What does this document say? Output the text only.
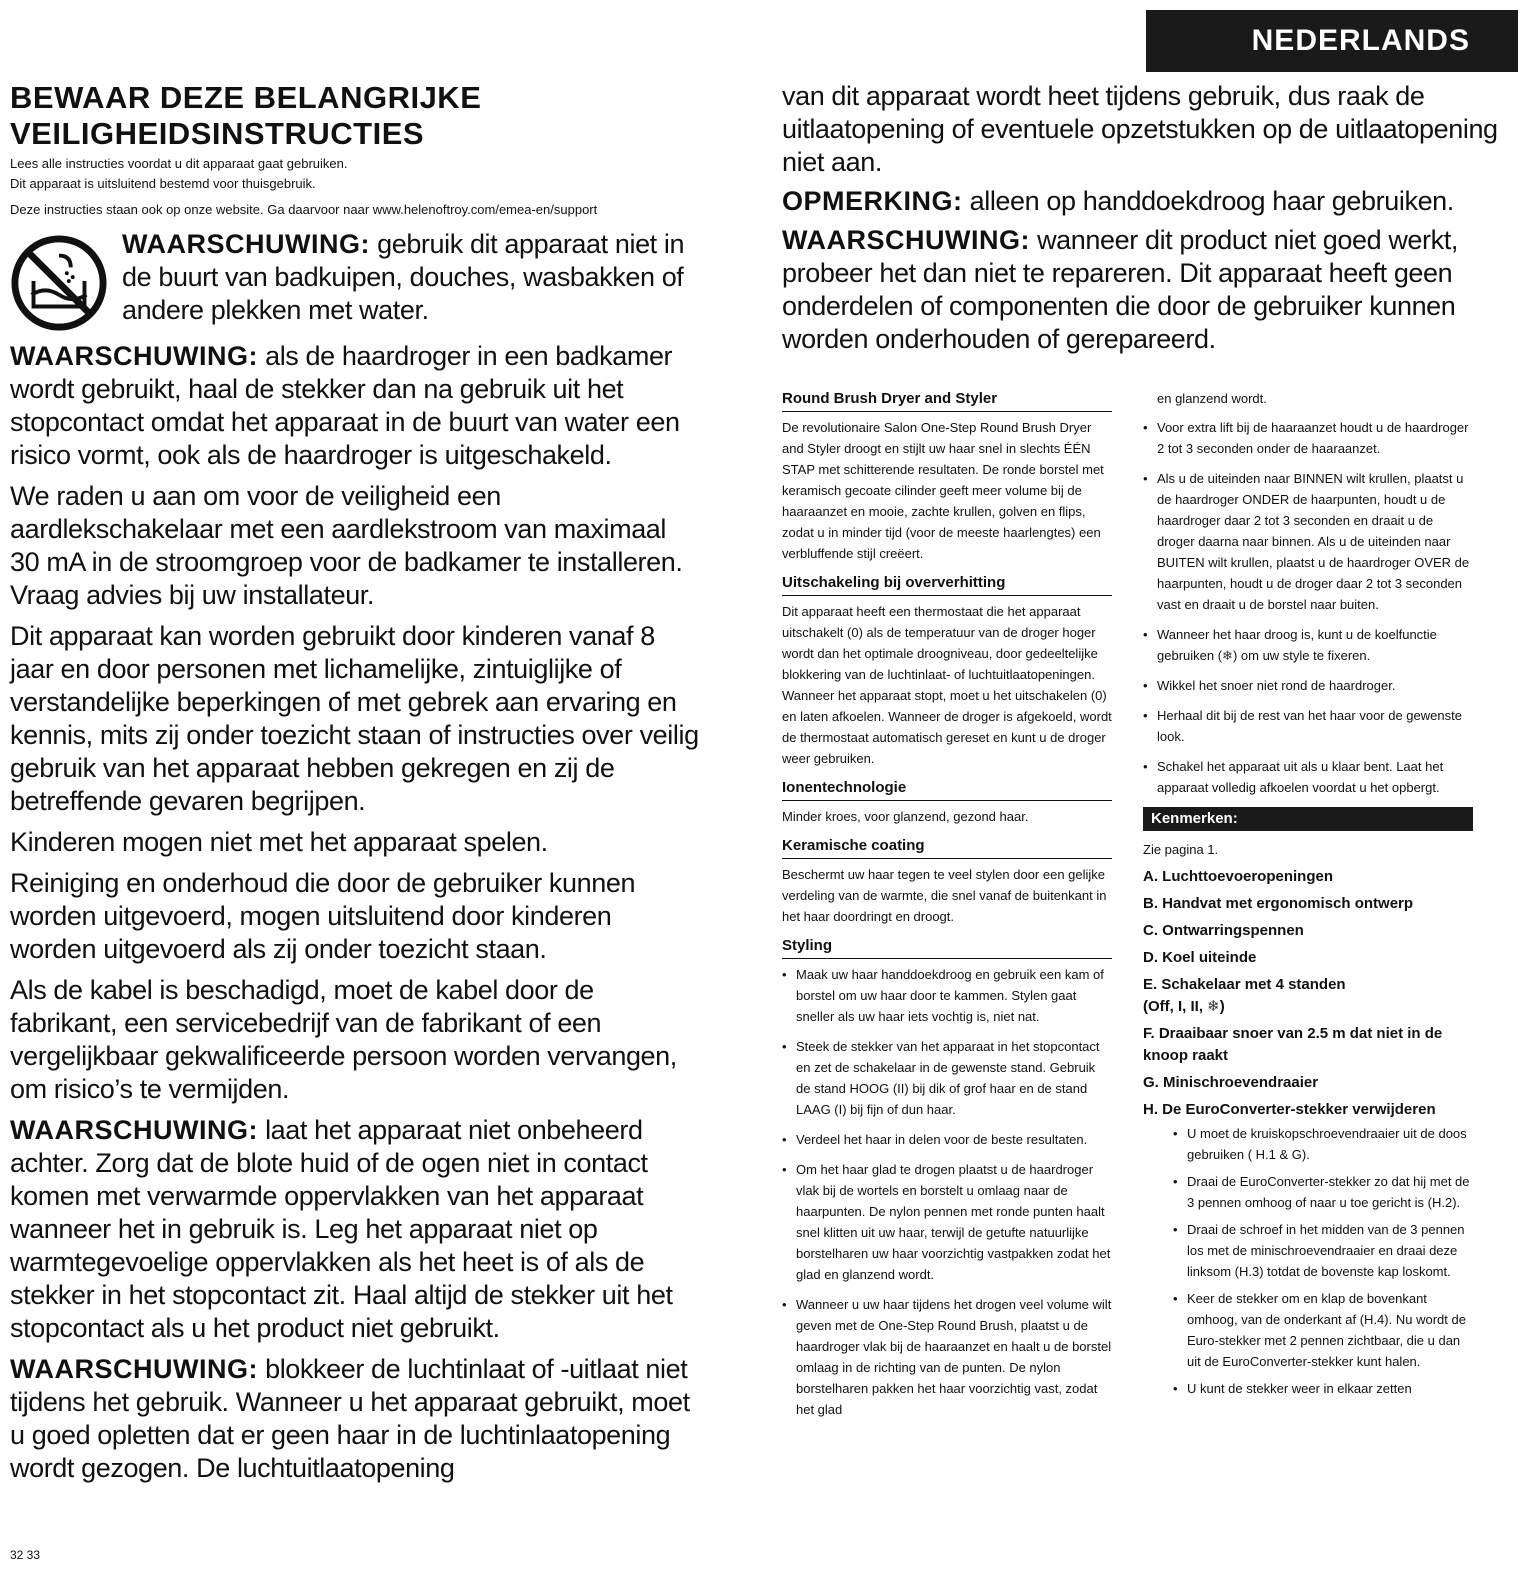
NEDERLANDS
BEWAAR DEZE BELANGRIJKE
VEILIGHEIDSINSTRUCTIES

Lees alle instructies voordat u dit apparaat gaat gebruiken.

Dit apparaat is uitsluitend bestemd voor thuisgebruik.

Deze instructies staan ook op onze website. Ga daarvoor naar www.helenoftroy.com/emea-en/support

WAARSCHUWING: gebruik dit apparaat niet in de buurt van badkuipen, douches, wasbakken of andere plekken met water.

WAARSCHUWING: als de haardroger in een badkamer wordt gebruikt, haal de stekker dan na gebruik uit het stopcontact omdat het apparaat in de buurt van water een risico vormt, ook als de haardroger is uitgeschakeld.

We raden u aan om voor de veiligheid een aardlekschakelaar met een aardlekstroom van maximaal 30 mA in de stroomgroep voor de badkamer te installeren. Vraag advies bij uw installateur.

Dit apparaat kan worden gebruikt door kinderen vanaf 8 jaar en door personen met lichamelijke, zintuiglijke of verstandelijke beperkingen of met gebrek aan ervaring en kennis, mits zij onder toezicht staan of instructies over veilig gebruik van het apparaat hebben gekregen en zij de betreffende gevaren begrijpen.

Kinderen mogen niet met het apparaat spelen.

Reiniging en onderhoud die door de gebruiker kunnen worden uitgevoerd, mogen uitsluitend door kinderen worden uitgevoerd als zij onder toezicht staan.

Als de kabel is beschadigd, moet de kabel door de fabrikant, een servicebedrijf van de fabrikant of een vergelijkbaar gekwalificeerde persoon worden vervangen, om risico’s te vermijden.

WAARSCHUWING: laat het apparaat niet onbeheerd achter. Zorg dat de blote huid of de ogen niet in contact komen met verwarmde oppervlakken van het apparaat wanneer het in gebruik is. Leg het apparaat niet op warmtegevoelige oppervlakken als het heet is of als de stekker in het stopcontact zit. Haal altijd de stekker uit het stopcontact als u het product niet gebruikt.

WAARSCHUWING: blokkeer de luchtinlaat of -uitlaat niet tijdens het gebruik. Wanneer u het apparaat gebruikt, moet u goed opletten dat er geen haar in de luchtinlaatopening wordt gezogen. De luchtuitlaatopening

van dit apparaat wordt heet tijdens gebruik, dus raak de uitlaatopening of eventuele opzetstukken op de uitlaatopening niet aan.

OPMERKING: alleen op handdoekdroog haar gebruiken.

WAARSCHUWING: wanneer dit product niet goed werkt, probeer het dan niet te repareren. Dit apparaat heeft geen onderdelen of componenten die door de gebruiker kunnen worden onderhouden of gerepareerd.

Round Brush Dryer and Styler

De revolutionaire Salon One-Step Round Brush Dryer and Styler droogt en stijlt uw haar snel in slechts ÉÉN STAP met schitterende resultaten. De ronde borstel met keramisch gecoate cilinder geeft meer volume bij de haaraanzet en mooie, zachte krullen, golven en flips, zodat u in minder tijd (voor de meeste haarlengtes) een verbluffende stijl creëert.

Uitschakeling bij oververhitting

Dit apparaat heeft een thermostaat die het apparaat uitschakelt (0) als de temperatuur van de droger hoger wordt dan het optimale droogniveau, door gedeeltelijke blokkering van de luchtinlaat- of luchtuitlaatopeningen. Wanneer het apparaat stopt, moet u het uitschakelen (0) en laten afkoelen. Wanneer de droger is afgekoeld, wordt de thermostaat automatisch gereset en kunt u de droger weer gebruiken.

Ionentechnologie

Minder kroes, voor glanzend, gezond haar.

Keramische coating

Beschermt uw haar tegen te veel stylen door een gelijke verdeling van de warmte, die snel vanaf de buitenkant in het haar doordringt en droogt.

Styling
• Maak uw haar handdoekdroog en gebruik een kam of borstel om uw haar door te kammen. Stylen gaat sneller als uw haar iets vochtig is, niet nat.
• Steek de stekker van het apparaat in het stopcontact en zet de schakelaar in de gewenste stand. Gebruik de stand HOOG (II) bij dik of grof haar en de stand LAAG (I) bij fijn of dun haar.
• Verdeel het haar in delen voor de beste resultaten.
• Om het haar glad te drogen plaatst u de haardroger vlak bij de wortels en borstelt u omlaag naar de haarpunten. De nylon pennen met ronde punten haalt snel klitten uit uw haar, terwijl de getufte natuurlijke borstelharen uw haar voorzichtig vastpakken zodat het glad en glanzend wordt.
• Wanneer u uw haar tijdens het drogen veel volume wilt geven met de One-Step Round Brush, plaatst u de haardroger vlak bij de haaraanzet en haalt u de borstel omlaag in de richting van de punten. De nylon borstelharen pakken het haar voorzichtig vast, zodat het glad

en glanzend wordt.

• Voor extra lift bij de haaraanzet houdt u de haardroger 2 tot 3 seconden onder de haaraanzet.
• Als u de uiteinden naar BINNEN wilt krullen, plaatst u de haardroger ONDER de haarpunten, houdt u de haardroger daar 2 tot 3 seconden en draait u de droger daarna naar binnen. Als u de uiteinden naar BUITEN wilt krullen, plaatst u de haardroger OVER de haarpunten, houdt u de droger daar 2 tot 3 seconden vast en draait u de borstel naar buiten.
• Wanneer het haar droog is, kunt u de koelfunctie gebruiken (❄) om uw style te fixeren.
• Wikkel het snoer niet rond de haardroger.
• Herhaal dit bij de rest van het haar voor de gewenste look.
• Schakel het apparaat uit als u klaar bent. Laat het apparaat volledig afkoelen voordat u het opbergt.
Kenmerken:

Zie pagina 1.

A. Luchttoevoeropeningen
B. Handvat met ergonomisch ontwerp
C. Ontwarringspennen
D. Koel uiteinde
E. Schakelaar met 4 standen
(Off, I, II, ❄)
F. Draaibaar snoer van 2.5 m dat niet in de knoop raakt
G. Minischroevendraaier
H. De EuroConverter-stekker verwijderen
• U moet de kruiskopschroevendraaier uit de doos gebruiken ( H.1 & G).
• Draai de EuroConverter-stekker zo dat hij met de 3 pennen omhoog of naar u toe gericht is (H.2).
• Draai de schroef in het midden van de 3 pennen los met de minischroevendraaier en draai deze linksom (H.3) totdat de bovenste kap loskomt.
• Keer de stekker om en klap de bovenkant omhoog, van de onderkant af (H.4). Nu wordt de Euro-stekker met 2 pennen zichtbaar, die u dan uit de EuroConverter-stekker kunt halen.
• U kunt de stekker weer in elkaar zetten
32 33
